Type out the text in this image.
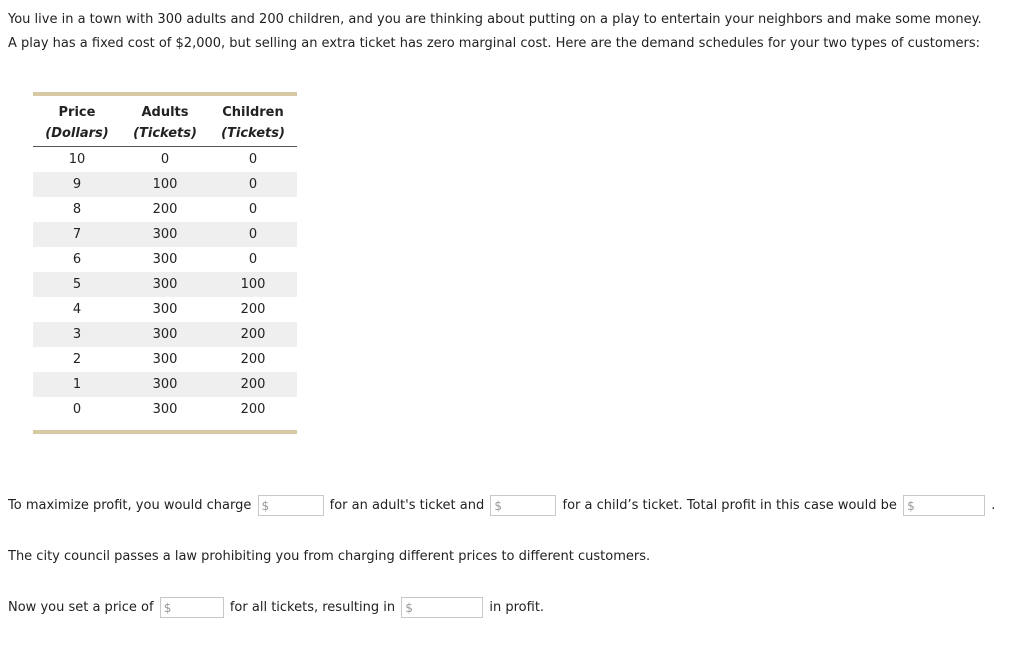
You live in a town with 300 adults and 200 children, and you are thinking about putting on a play to entertain your neighbors and make some money.

A play has a fixed cost of $2,000, but selling an extra ticket has zero marginal cost. Here are the demand schedules for your two types of customers:

Price	Adults	Children
(Dollars)	(Tickets)	(Tickets)
10	0	0
9	100	0
8	200	0
7	300	0
6	300	0
5	300	100
4	300	200
3	300	200
2	300	200
1	300	200
0	300	200
To maximize profit, you would charge $	for an adult's ticket and $	for a child’s ticket. Total profit in this case would be $	.
The city council passes a law prohibiting you from charging different prices to different customers.
Now you set a price of $	for all tickets, resulting in $	in profit.
